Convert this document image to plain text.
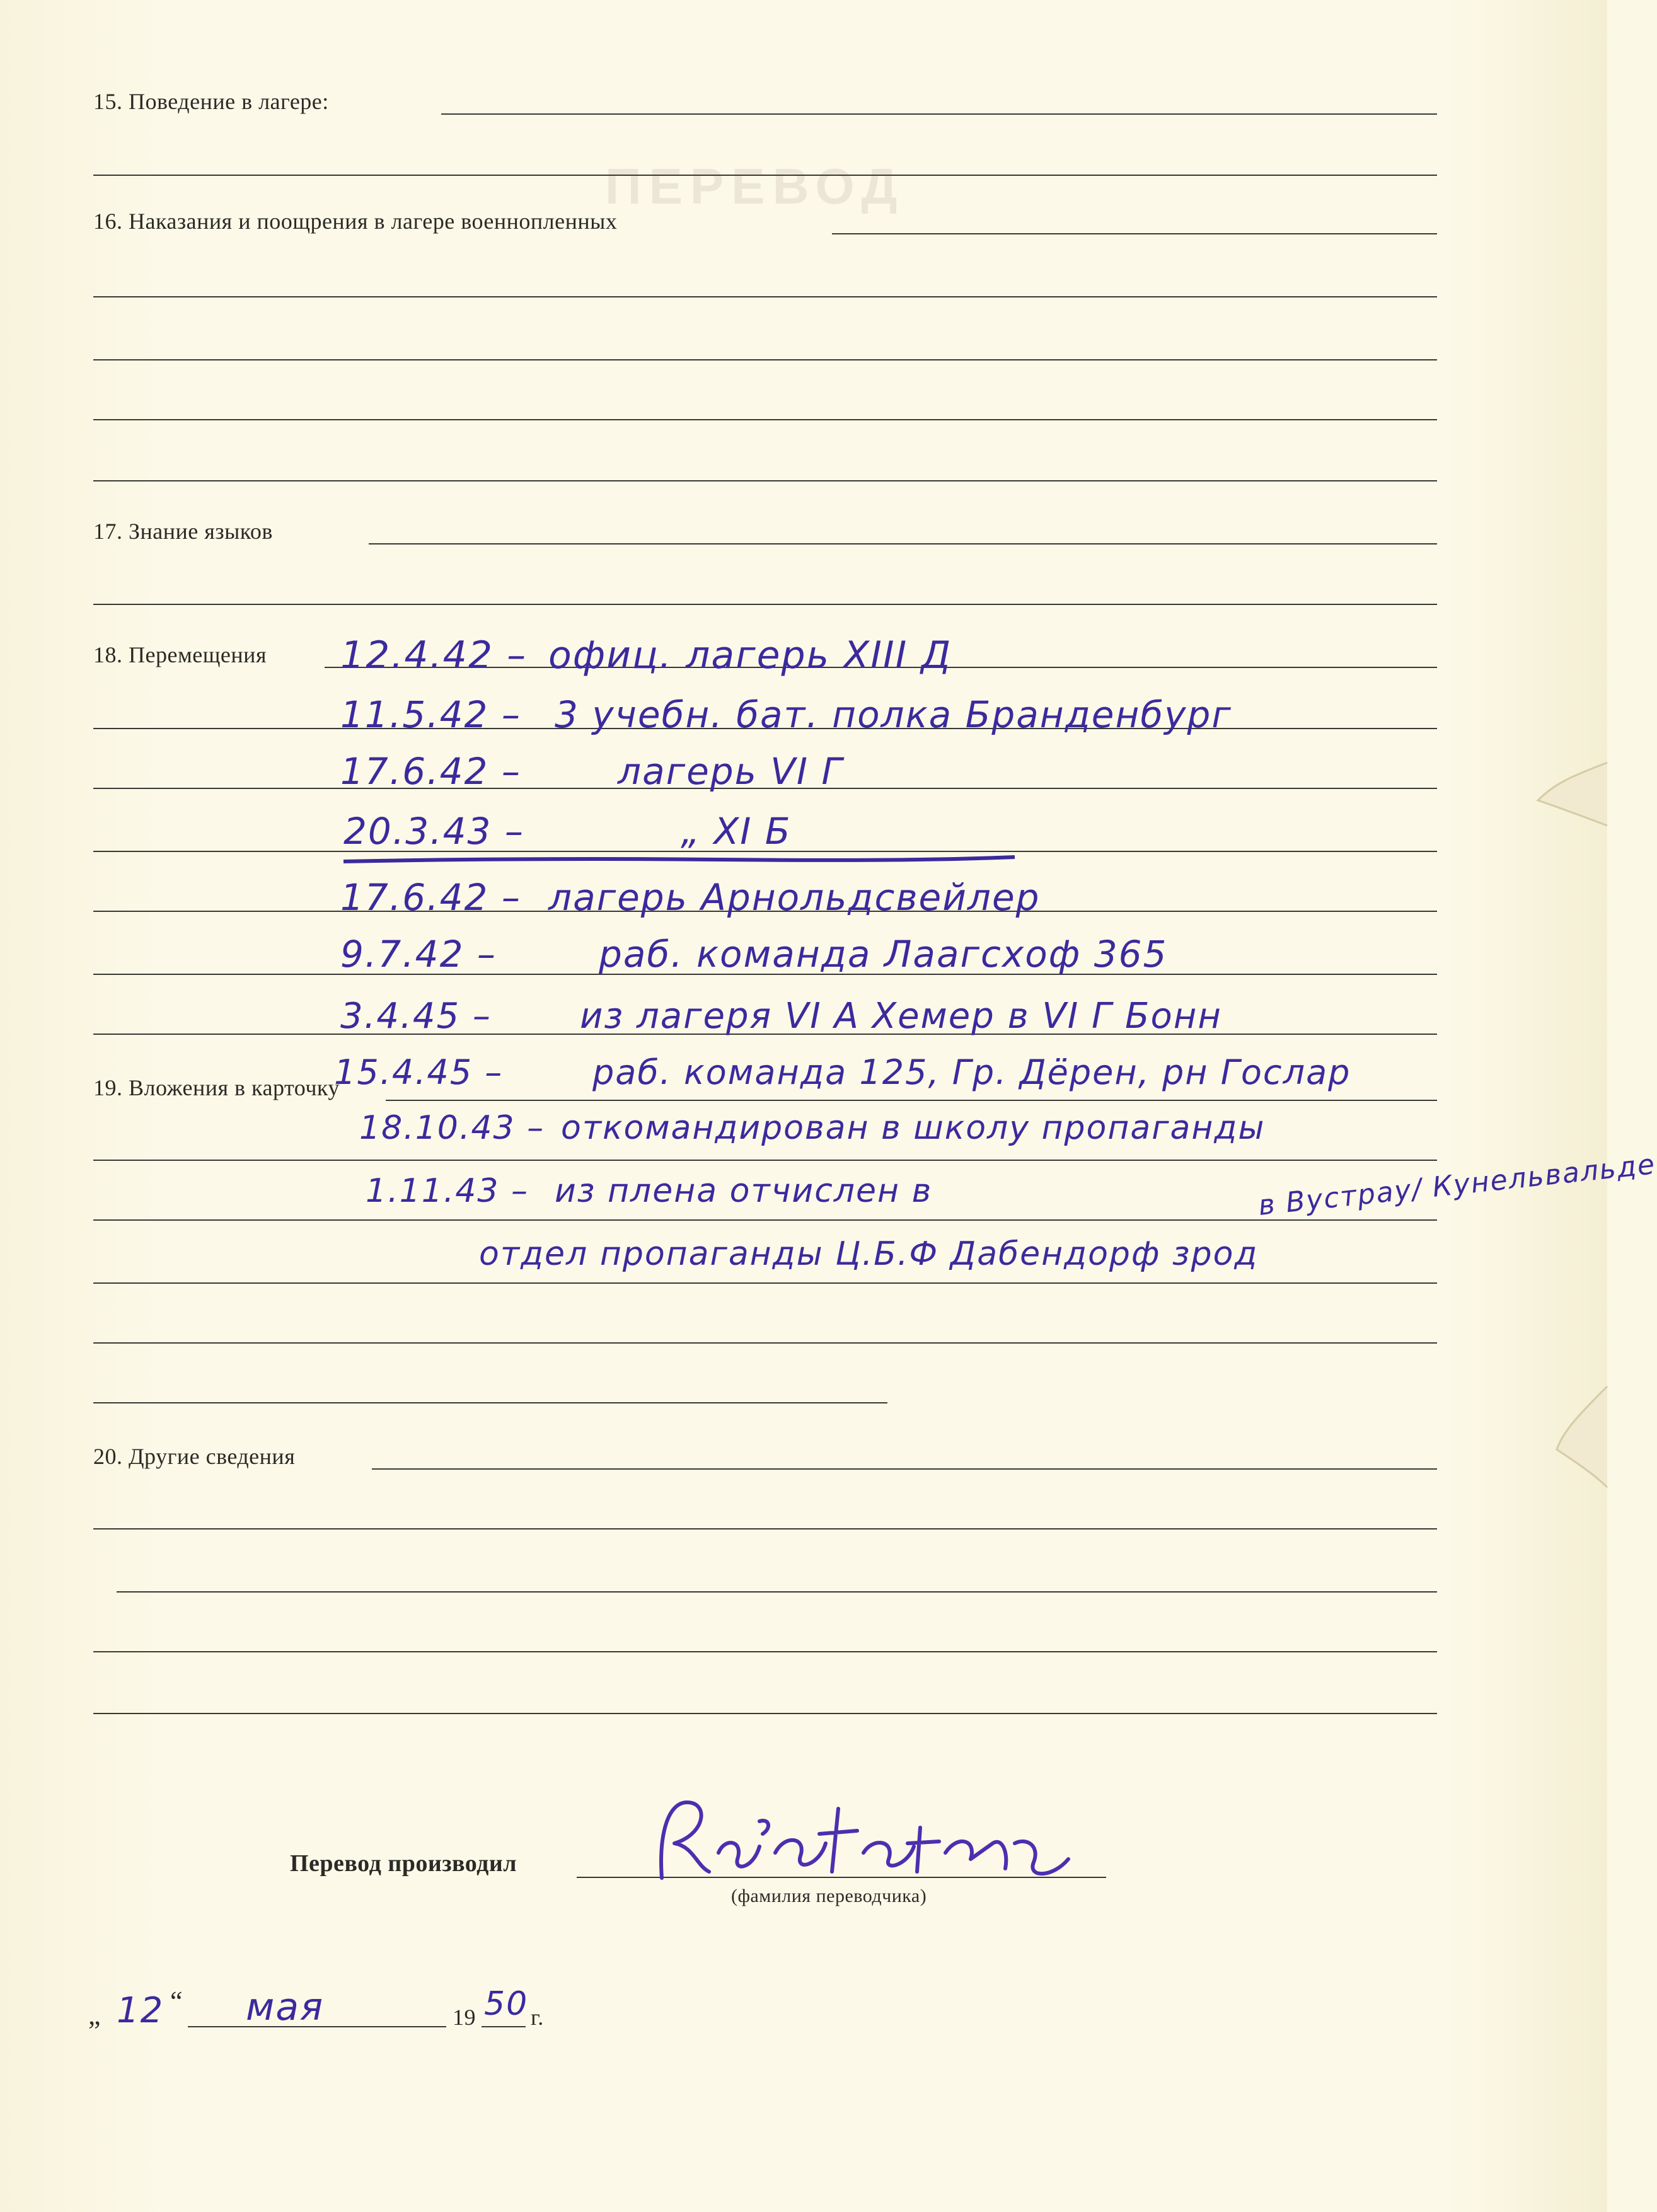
ПЕРЕВОД
15. Поведение в лагере:
16. Наказания и поощрения в лагере военнопленных
17. Знание языков
18. Перемещения
19. Вложения в карточку
20. Другие сведения
12.4.42 – офиц. лагерь XIII Д
11.5.42 – 3 учебн. бат. полка Бранденбург
17.6.42 –	лагерь VI Г
20.3.43 –	„ XI Б
17.6.42 – лагерь Арнольдсвейлер
9.7.42 –	раб. команда Лаагсхоф 365
3.4.45 –	из лагеря VI А Хемер в VI Г Бонн
15.4.45 –	раб. команда 125, Гр. Дёрен, рн Гослар
18.10.43 – откомандирован в школу пропаганды
1.11.43 – из плена отчислен в
отдел пропаганды Ц.Б.Ф Дабендорф зрод
в Вустрау/ Кунельвальде
Перевод производил
(фамилия переводчика)
„ 12 “ мая	19 50 г.
